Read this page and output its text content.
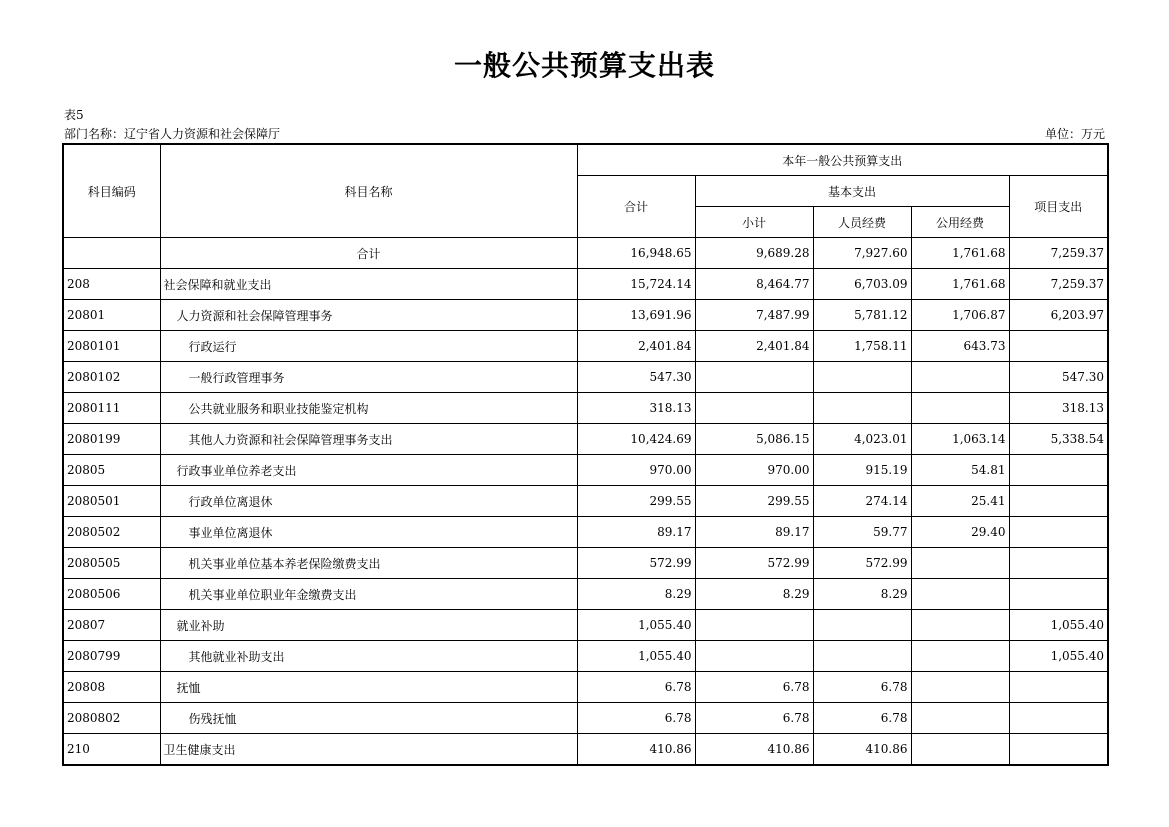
一般公共预算支出表
表5
部门名称：辽宁省人力资源和社会保障厅	单位：万元
科目编码	科目名称	本年一般公共预算支出				
		合计	基本支出			项目支出
			小计	人员经费	公用经费	
	合计	16,948.65	9,689.28	7,927.60	1,761.68	7,259.37
208	社会保障和就业支出	15,724.14	8,464.77	6,703.09	1,761.68	7,259.37
20801	人力资源和社会保障管理事务	13,691.96	7,487.99	5,781.12	1,706.87	6,203.97
2080101	行政运行	2,401.84	2,401.84	1,758.11	643.73	
2080102	一般行政管理事务	547.30				547.30
2080111	公共就业服务和职业技能鉴定机构	318.13				318.13
2080199	其他人力资源和社会保障管理事务支出	10,424.69	5,086.15	4,023.01	1,063.14	5,338.54
20805	行政事业单位养老支出	970.00	970.00	915.19	54.81	
2080501	行政单位离退休	299.55	299.55	274.14	25.41	
2080502	事业单位离退休	89.17	89.17	59.77	29.40	
2080505	机关事业单位基本养老保险缴费支出	572.99	572.99	572.99		
2080506	机关事业单位职业年金缴费支出	8.29	8.29	8.29		
20807	就业补助	1,055.40				1,055.40
2080799	其他就业补助支出	1,055.40				1,055.40
20808	抚恤	6.78	6.78	6.78		
2080802	伤残抚恤	6.78	6.78	6.78		
210	卫生健康支出	410.86	410.86	410.86		
